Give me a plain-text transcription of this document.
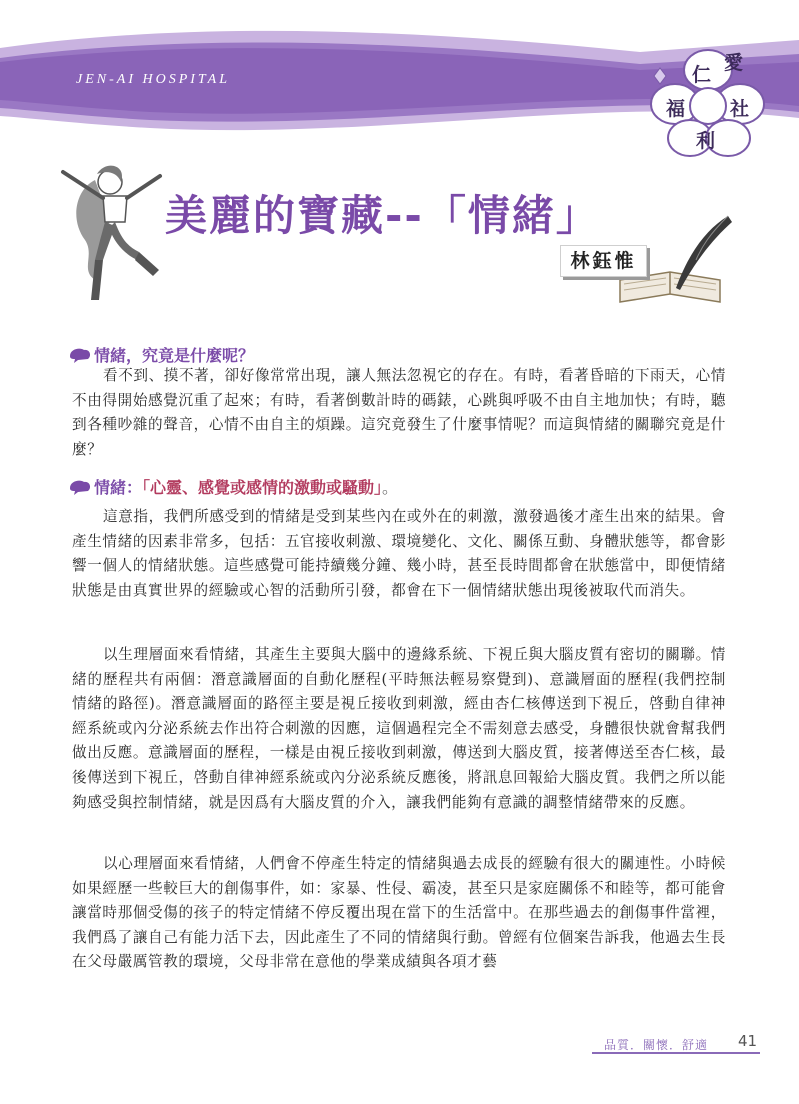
JEN-AI HOSPITAL	仁
愛
福 社
利
美麗的寶藏--「情緒」
林鈺惟
情緒，究竟是什麼呢？

看不到、摸不著，卻好像常常出現，讓人無法忽視它的存在。有時，看著昏暗的下雨天，心情不由得開始感覺沉重了起來；有時，看著倒數計時的碼錶，心跳與呼吸不由自主地加快；有時，聽到各種吵雜的聲音，心情不由自主的煩躁。這究竟發生了什麼事情呢？而這與情緒的關聯究竟是什麼？

情緒：「心靈、感覺或感情的激動或騷動」。

這意指，我們所感受到的情緒是受到某些內在或外在的刺激，激發過後才產生出來的結果。會產生情緒的因素非常多，包括：五官接收刺激、環境變化、文化、關係互動、身體狀態等，都會影響一個人的情緒狀態。這些感覺可能持續幾分鐘、幾小時，甚至長時間都會在狀態當中，即便情緒狀態是由真實世界的經驗或心智的活動所引發，都會在下一個情緒狀態出現後被取代而消失。

以生理層面來看情緒，其產生主要與大腦中的邊緣系統、下視丘與大腦皮質有密切的關聯。情緒的歷程共有兩個：潛意識層面的自動化歷程(平時無法輕易察覺到)、意識層面的歷程(我們控制情緒的路徑)。潛意識層面的路徑主要是視丘接收到刺激，經由杏仁核傳送到下視丘，啓動自律神經系統或內分泌系統去作出符合刺激的因應，這個過程完全不需刻意去感受，身體很快就會幫我們做出反應。意識層面的歷程，一樣是由視丘接收到刺激，傳送到大腦皮質，接著傳送至杏仁核，最後傳送到下視丘，啓動自律神經系統或內分泌系統反應後，將訊息回報給大腦皮質。我們之所以能夠感受與控制情緒，就是因爲有大腦皮質的介入，讓我們能夠有意識的調整情緒帶來的反應。

以心理層面來看情緒，人們會不停產生特定的情緒與過去成長的經驗有很大的關連性。小時候如果經歷一些較巨大的創傷事件，如：家暴、性侵、霸凌，甚至只是家庭關係不和睦等，都可能會讓當時那個受傷的孩子的特定情緒不停反覆出現在當下的生活當中。在那些過去的創傷事件當裡，我們爲了讓自己有能力活下去，因此產生了不同的情緒與行動。曾經有位個案告訴我，他過去生長在父母嚴厲管教的環境，父母非常在意他的學業成績與各項才藝

品質．關懷．舒適 41
